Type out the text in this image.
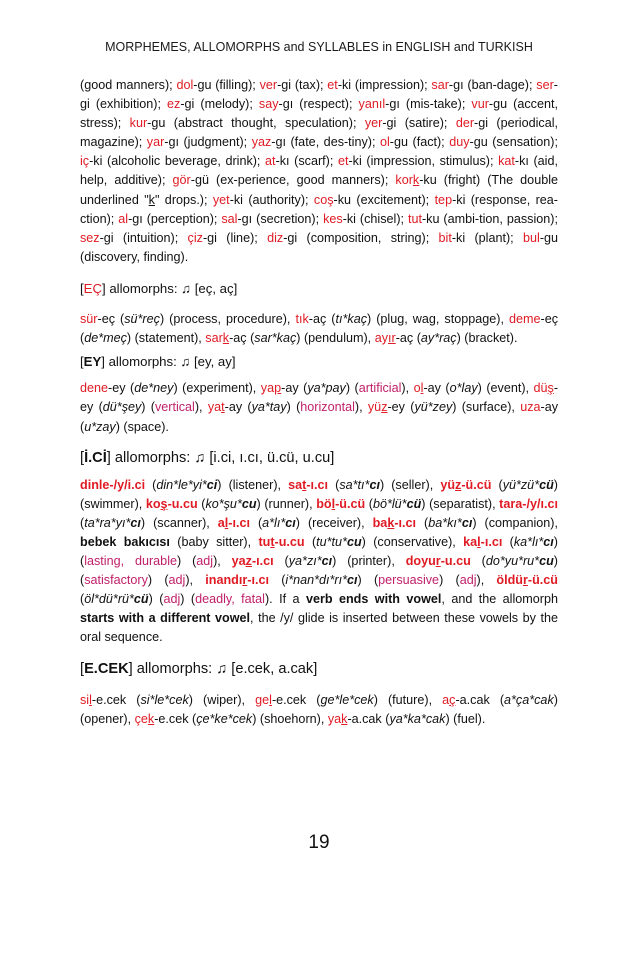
MORPHEMES, ALLOMORPHS and SYLLABLES in ENGLISH and TURKISH

(good manners); dol-gu (filling); ver-gi (tax); et-ki (impression); sar-gı (ban-dage); ser-gi (exhibition); ez-gi (melody); say-gı (respect); yanıl-gı (mis-take); vur-gu (accent, stress); kur-gu (abstract thought, speculation); yer-gi (satire); der-gi (periodical, magazine); yar-gı (judgment); yaz-gı (fate, des-tiny); ol-gu (fact); duy-gu (sensation); iç-ki (alcoholic beverage, drink); at-kı (scarf); et-ki (impression, stimulus); kat-kı (aid, help, additive); gör-gü (ex-perience, good manners); kork-ku (fright) (The double underlined "k" drops.); yet-ki (authority); coş-ku (excitement); tep-ki (response, rea-ction); al-gı (perception); sal-gı (secretion); kes-ki (chisel); tut-ku (ambi-tion, passion); sez-gi (intuition); çiz-gi (line); diz-gi (composition, string); bit-ki (plant); bul-gu (discovery, finding).

[EÇ] allomorphs: ♫ [eç, aç]

sür-eç (sü*reç) (process, procedure), tık-aç (tı*kaç) (plug, wag, stoppage), deme-eç (de*meç) (statement), sark-aç (sar*kaç) (pendulum), ayır-aç (ay*raç) (bracket).

[EY] allomorphs: ♫ [ey, ay]

dene-ey (de*ney) (experiment), yap-ay (ya*pay) (artificial), ol-ay (o*lay) (event), düş-ey (dü*şey) (vertical), yat-ay (ya*tay) (horizontal), yüz-ey (yü*zey) (surface), uza-ay (u*zay) (space).

[İ.Cİ] allomorphs: ♫ [i.ci, ı.cı, ü.cü, u.cu]

dinle-/y/i.ci (din*le*yi*ci) (listener), sat-ı.cı (sa*tı*cı) (seller), yüz-ü.cü (yü*zü*cü) (swimmer), koş-u.cu (ko*şu*cu) (runner), böl-ü.cü (bö*lü*cü) (separatist), tara-/y/ı.cı (ta*ra*yı*cı) (scanner), al-ı.cı (a*lı*cı) (receiver), bak-ı.cı (ba*kı*cı) (companion), bebek bakıcısı (baby sitter), tut-u.cu (tu*tu*cu) (conservative), kal-ı.cı (ka*lı*cı) (lasting, durable) (adj), yaz-ı.cı (ya*zı*cı) (printer), doyur-u.cu (do*yu*ru*cu) (satisfactory) (adj), inandır-ı.cı (i*nan*dı*rı*cı) (persuasive) (adj), öldür-ü.cü (öl*dü*rü*cü) (adj) (deadly, fatal). If a verb ends with vowel, and the allomorph starts with a different vowel, the /y/ glide is inserted between these vowels by the oral sequence.

[E.CEK] allomorphs: ♫ [e.cek, a.cak]

sil-e.cek (si*le*cek) (wiper), gel-e.cek (ge*le*cek) (future), aç-a.cak (a*ça*cak) (opener), çek-e.cek (çe*ke*cek) (shoehorn), yak-a.cak (ya*ka*cak) (fuel).

19
